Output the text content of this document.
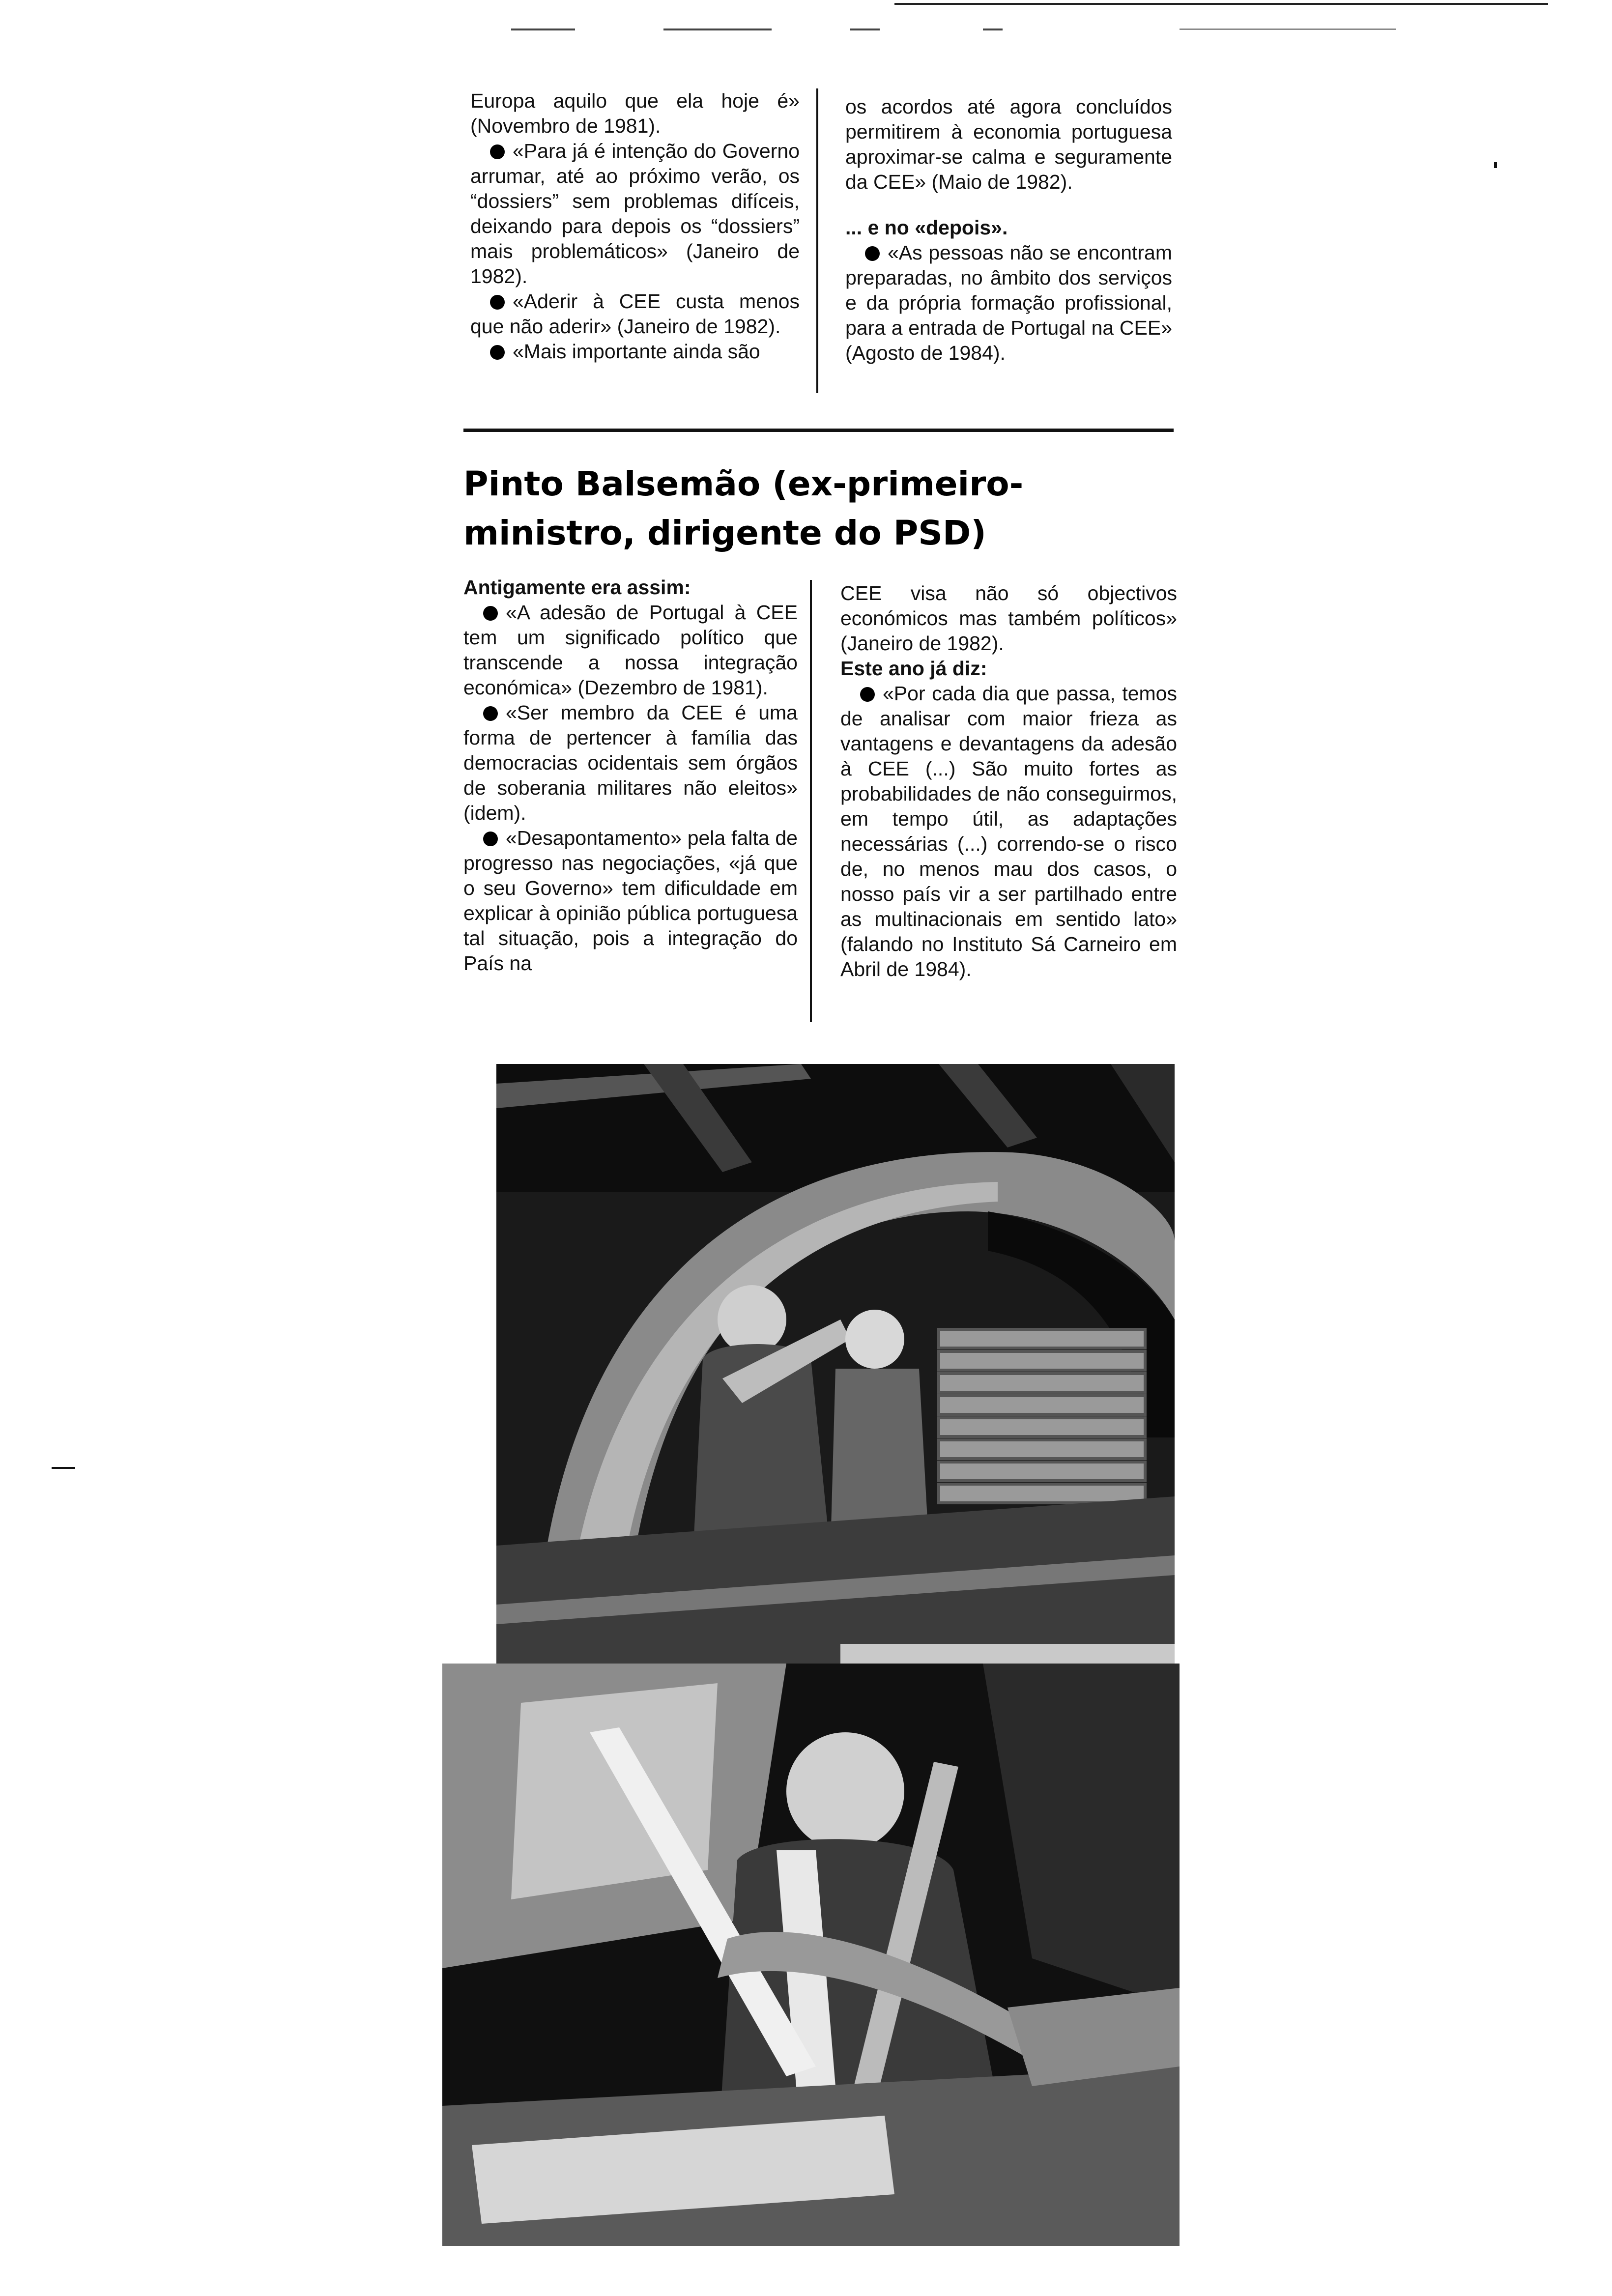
Europa aquilo que ela hoje é» (Novembro de 1981).

«Para já é intenção do Governo arrumar, até ao próximo verão, os “dossiers” sem problemas difíceis, deixando para depois os “dossiers” mais problemáticos» (Janeiro de 1982).

«Aderir à CEE custa menos que não aderir» (Janeiro de 1982).

«Mais importante ainda são

os acordos até agora concluídos permitirem à economia portuguesa aproximar-se calma e seguramente da CEE» (Maio de 1982).

... e no «depois».

«As pessoas não se encontram preparadas, no âmbito dos serviços e da própria formação profissional, para a entrada de Portugal na CEE» (Agosto de 1984).

Pinto Balsemão (ex-primeiro-ministro, dirigente do PSD)

Antigamente era assim:

«A adesão de Portugal à CEE tem um significado político que transcende a nossa integração económica» (Dezembro de 1981).

«Ser membro da CEE é uma forma de pertencer à família das democracias ocidentais sem órgãos de soberania militares não eleitos» (idem).

«Desapontamento» pela falta de progresso nas negociações, «já que o seu Governo» tem dificuldade em explicar à opinião pública portuguesa tal situação, pois a integração do País na

CEE visa não só objectivos económicos mas também políticos» (Janeiro de 1982).

Este ano já diz:

«Por cada dia que passa, temos de analisar com maior frieza as vantagens e devantagens da adesão à CEE (...) São muito fortes as probabilidades de não conseguirmos, em tempo útil, as adaptações necessárias (...) correndo-se o risco de, no menos mau dos casos, o nosso país vir a ser partilhado entre as multinacionais em sentido lato» (falando no Instituto Sá Carneiro em Abril de 1984).
